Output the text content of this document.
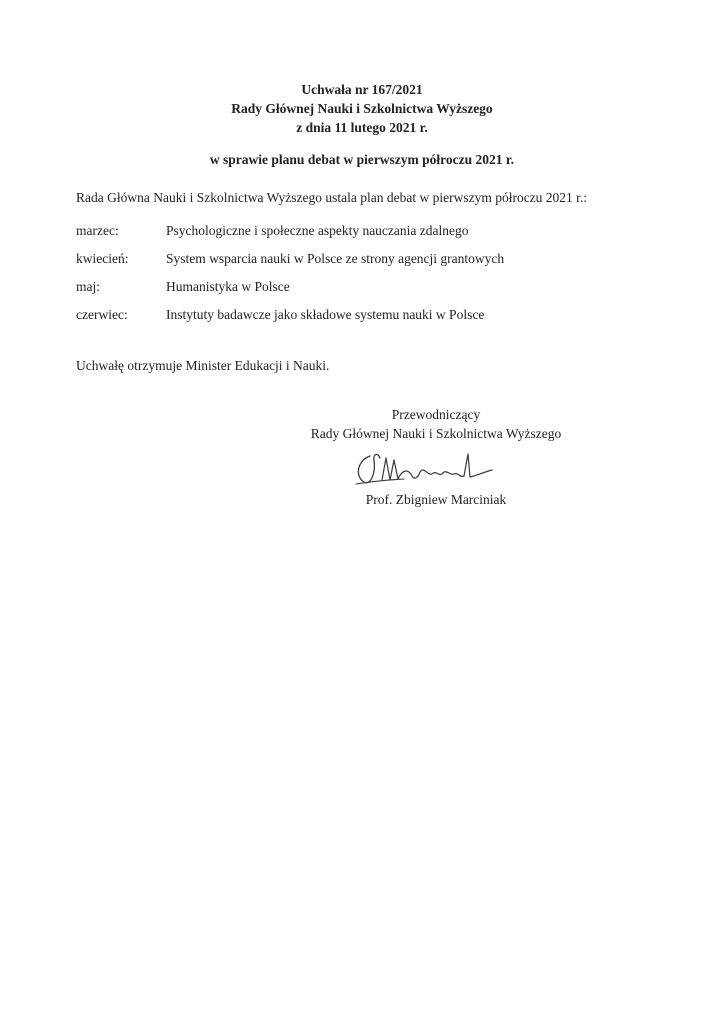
Uchwała nr 167/2021
Rady Głównej Nauki i Szkolnictwa Wyższego
z dnia 11 lutego 2021 r.
w sprawie planu debat w pierwszym półroczu 2021 r.
Rada Główna Nauki i Szkolnictwa Wyższego ustala plan debat w pierwszym półroczu 2021 r.:
marzec:	Psychologiczne i społeczne aspekty nauczania zdalnego
kwiecień:	System wsparcia nauki w Polsce ze strony agencji grantowych
maj:	Humanistyka w Polsce
czerwiec:	Instytuty badawcze jako składowe systemu nauki w Polsce
Uchwałę otrzymuje Minister Edukacji i Nauki.
Przewodniczący
Rady Głównej Nauki i Szkolnictwa Wyższego
Prof. Zbigniew Marciniak
